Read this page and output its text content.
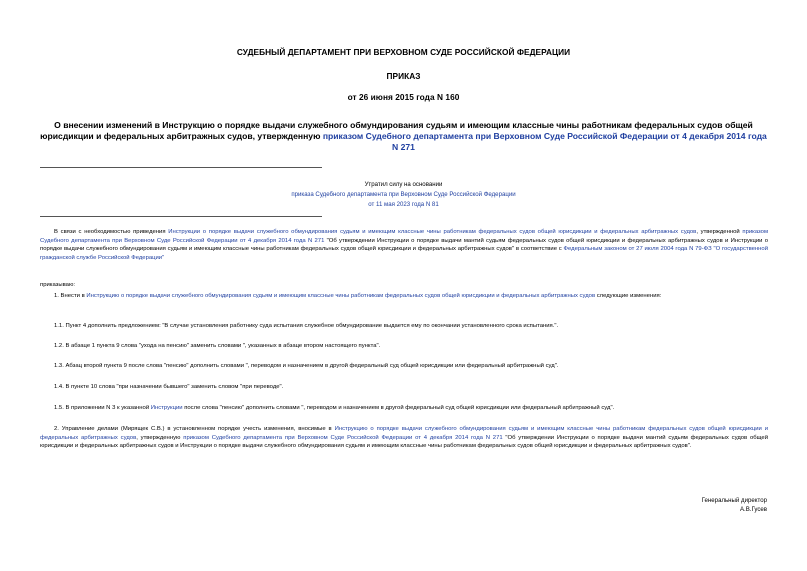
СУДЕБНЫЙ ДЕПАРТАМЕНТ ПРИ ВЕРХОВНОМ СУДЕ РОССИЙСКОЙ ФЕДЕРАЦИИ
ПРИКАЗ
от 26 июня 2015 года N 160
О внесении изменений в Инструкцию о порядке выдачи служебного обмундирования судьям и имеющим классные чины работникам федеральных судов общей юрисдикции и федеральных арбитражных судов, утвержденную приказом Судебного департамента при Верховном Суде Российской Федерации от 4 декабря 2014 года N 271
Утратил силу на основании
приказа Судебного департамента при Верховном Суде Российской Федерации
от 11 мая 2023 года N 81
В связи с необходимостью приведения Инструкции о порядке выдачи служебного обмундирования судьям и имеющим классные чины работникам федеральных судов общей юрисдикции и федеральных арбитражных судов, утвержденной приказом Судебного департамента при Верховном Суде Российской Федерации от 4 декабря 2014 года N 271 "Об утверждении Инструкции о порядке выдачи мантий судьям федеральных судов общей юрисдикции и федеральных арбитражных судов и Инструкции о порядке выдачи служебного обмундирования судьям и имеющим классные чины работникам федеральных судов общей юрисдикции и федеральных арбитражных судов" в соответствие с Федеральным законом от 27 июля 2004 года N 79-ФЗ "О государственной гражданской службе Российской Федерации"
приказываю:
1. Внести в Инструкцию о порядке выдачи служебного обмундирования судьям и имеющим классные чины работникам федеральных судов общей юрисдикции и федеральных арбитражных судов следующие изменения:
1.1. Пункт 4 дополнить предложением: "В случае установления работнику суда испытания служебное обмундирование выдается ему по окончании установленного срока испытания.".
1.2. В абзаце 1 пункта 9 слова "ухода на пенсию" заменить словами ", указанных в абзаце втором настоящего пункта".
1.3. Абзац второй пункта 9 после слова "пенсию" дополнить словами ", переводом и назначением в другой федеральный суд общей юрисдикции или федеральный арбитражный суд".
1.4. В пункте 10 слова "при назначении бывшего" заменить словом "при переводе".
1.5. В приложении N 3 к указанной Инструкции после слова "пенсию" дополнить словами ", переводом и назначением в другой федеральный суд общей юрисдикции или федеральный арбитражный суд".
2. Управление делами (Мирящек С.В.) в установленном порядке учесть изменения, вносимые в Инструкцию о порядке выдачи служебного обмундирования судьям и имеющим классные чины работникам федеральных судов общей юрисдикции и федеральных арбитражных судов, утвержденную приказом Судебного департамента при Верховном Суде Российской Федерации от 4 декабря 2014 года N 271 "Об утверждении Инструкции о порядке выдачи мантий судьям федеральных судов общей юрисдикции и федеральных арбитражных судов и Инструкции о порядке выдачи служебного обмундирования судьям и имеющим классные чины работникам федеральных судов общей юрисдикции и федеральных арбитражных судов".
Генеральный директор
А.В.Гусев
